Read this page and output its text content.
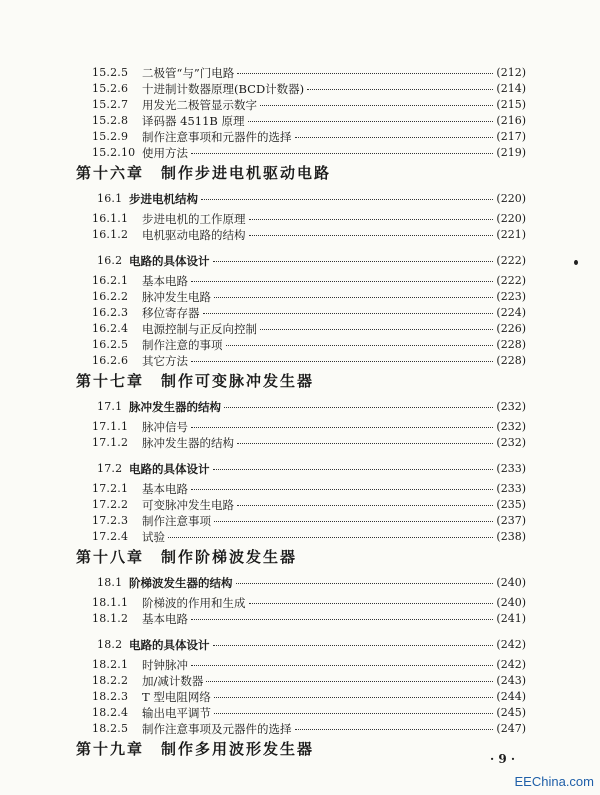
15.2.5 二极管“与”门电路	(212)
15.2.6 十进制计数器原理(BCD计数器)	(214)
15.2.7 用发光二极管显示数字	(215)
15.2.8 译码器 4511B 原理	(216)
15.2.9 制作注意事项和元器件的选择	(217)
15.2.10 使用方法	(219)
第十六章　制作步进电机驱动电路
16.1 步进电机结构	(220)
16.1.1 步进电机的工作原理	(220)
16.1.2 电机驱动电路的结构	(221)
16.2 电路的具体设计	(222)
16.2.1 基本电路	(222)
16.2.2 脉冲发生电路	(223)
16.2.3 移位寄存器	(224)
16.2.4 电源控制与正反向控制	(226)
16.2.5 制作注意的事项	(228)
16.2.6 其它方法	(228)
第十七章　制作可变脉冲发生器
17.1 脉冲发生器的结构	(232)
17.1.1 脉冲信号	(232)
17.1.2 脉冲发生器的结构	(232)
17.2 电路的具体设计	(233)
17.2.1 基本电路	(233)
17.2.2 可变脉冲发生电路	(235)
17.2.3 制作注意事项	(237)
17.2.4 试验	(238)
第十八章　制作阶梯波发生器
18.1 阶梯波发生器的结构	(240)
18.1.1 阶梯波的作用和生成	(240)
18.1.2 基本电路	(241)
18.2 电路的具体设计	(242)
18.2.1 时钟脉冲	(242)
18.2.2 加/减计数器	(243)
18.2.3 T 型电阻网络	(244)
18.2.4 输出电平调节	(245)
18.2.5 制作注意事项及元器件的选择	(247)
第十九章　制作多用波形发生器
· 9 ·
EEChina.com
